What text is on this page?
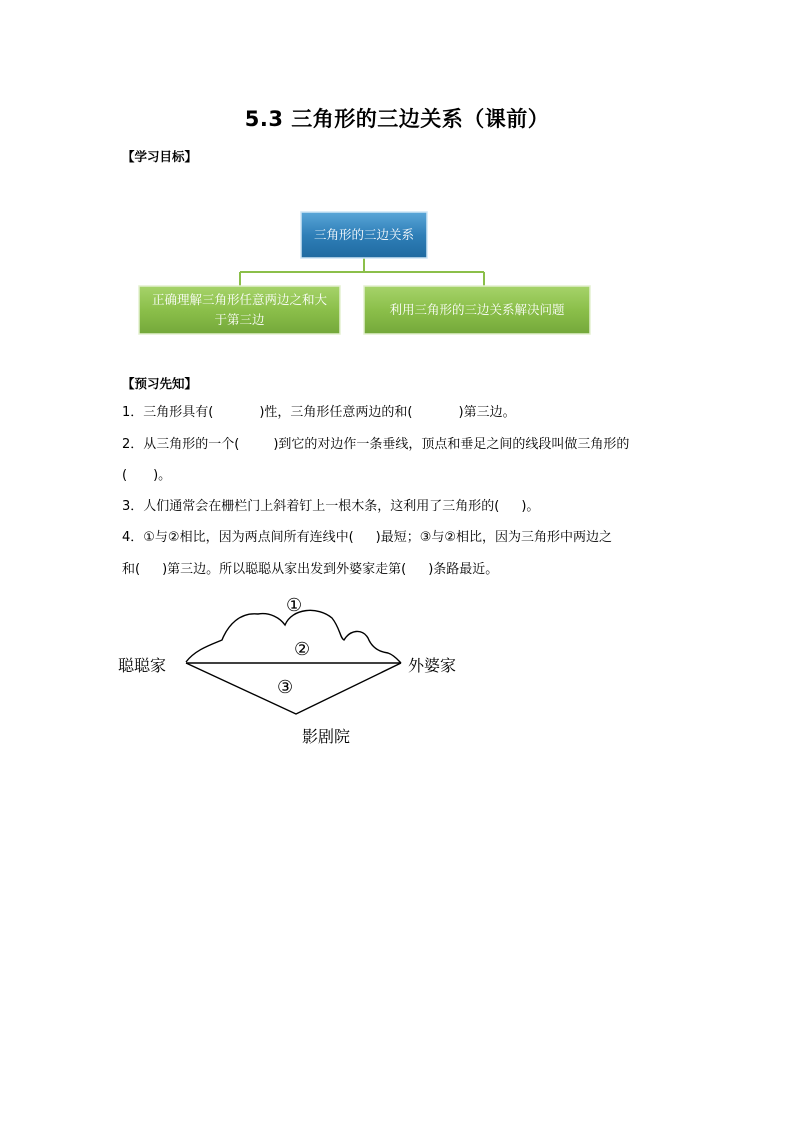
5.3 三角形的三边关系（课前）
【学习目标】
三角形的三边关系
正确理解三角形任意两边之和大
于第三边
利用三角形的三边关系解决问题
【预习先知】
1．三角形具有(	)性，三角形任意两边的和(	)第三边。
2．从三角形的一个(	)到它的对边作一条垂线，顶点和垂足之间的线段叫做三角形的
(　　)。
3．人们通常会在栅栏门上斜着钉上一根木条，这利用了三角形的( )。
4．①与②相比，因为两点间所有连线中( )最短；③与②相比，因为三角形中两边之
和( )第三边。所以聪聪从家出发到外婆家走第( )条路最近。
聪聪家	外婆家
影剧院
①
②
③
